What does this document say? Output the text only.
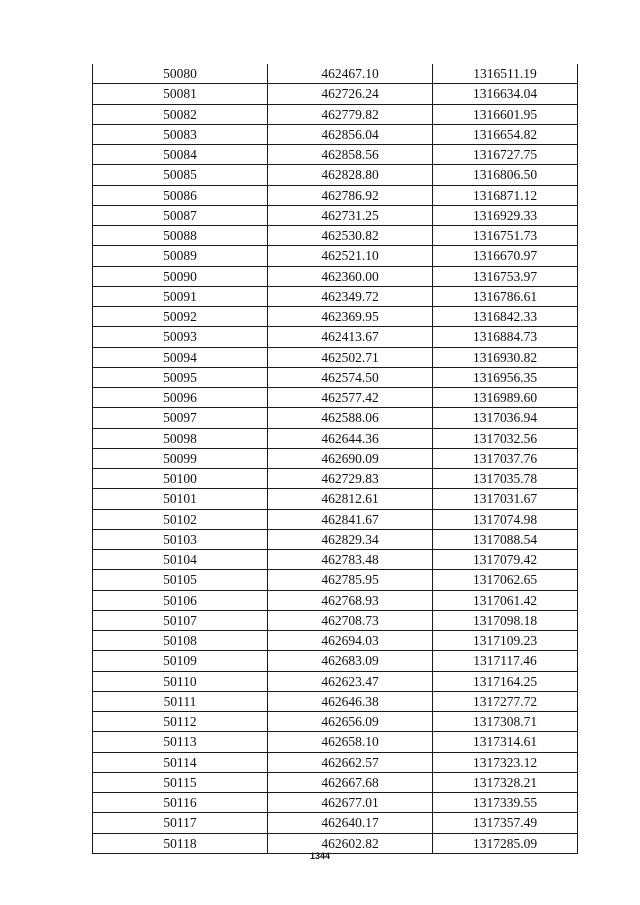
50080	462467.10	1316511.19
50081	462726.24	1316634.04
50082	462779.82	1316601.95
50083	462856.04	1316654.82
50084	462858.56	1316727.75
50085	462828.80	1316806.50
50086	462786.92	1316871.12
50087	462731.25	1316929.33
50088	462530.82	1316751.73
50089	462521.10	1316670.97
50090	462360.00	1316753.97
50091	462349.72	1316786.61
50092	462369.95	1316842.33
50093	462413.67	1316884.73
50094	462502.71	1316930.82
50095	462574.50	1316956.35
50096	462577.42	1316989.60
50097	462588.06	1317036.94
50098	462644.36	1317032.56
50099	462690.09	1317037.76
50100	462729.83	1317035.78
50101	462812.61	1317031.67
50102	462841.67	1317074.98
50103	462829.34	1317088.54
50104	462783.48	1317079.42
50105	462785.95	1317062.65
50106	462768.93	1317061.42
50107	462708.73	1317098.18
50108	462694.03	1317109.23
50109	462683.09	1317117.46
50110	462623.47	1317164.25
50111	462646.38	1317277.72
50112	462656.09	1317308.71
50113	462658.10	1317314.61
50114	462662.57	1317323.12
50115	462667.68	1317328.21
50116	462677.01	1317339.55
50117	462640.17	1317357.49
50118	462602.82	1317285.09
1344
